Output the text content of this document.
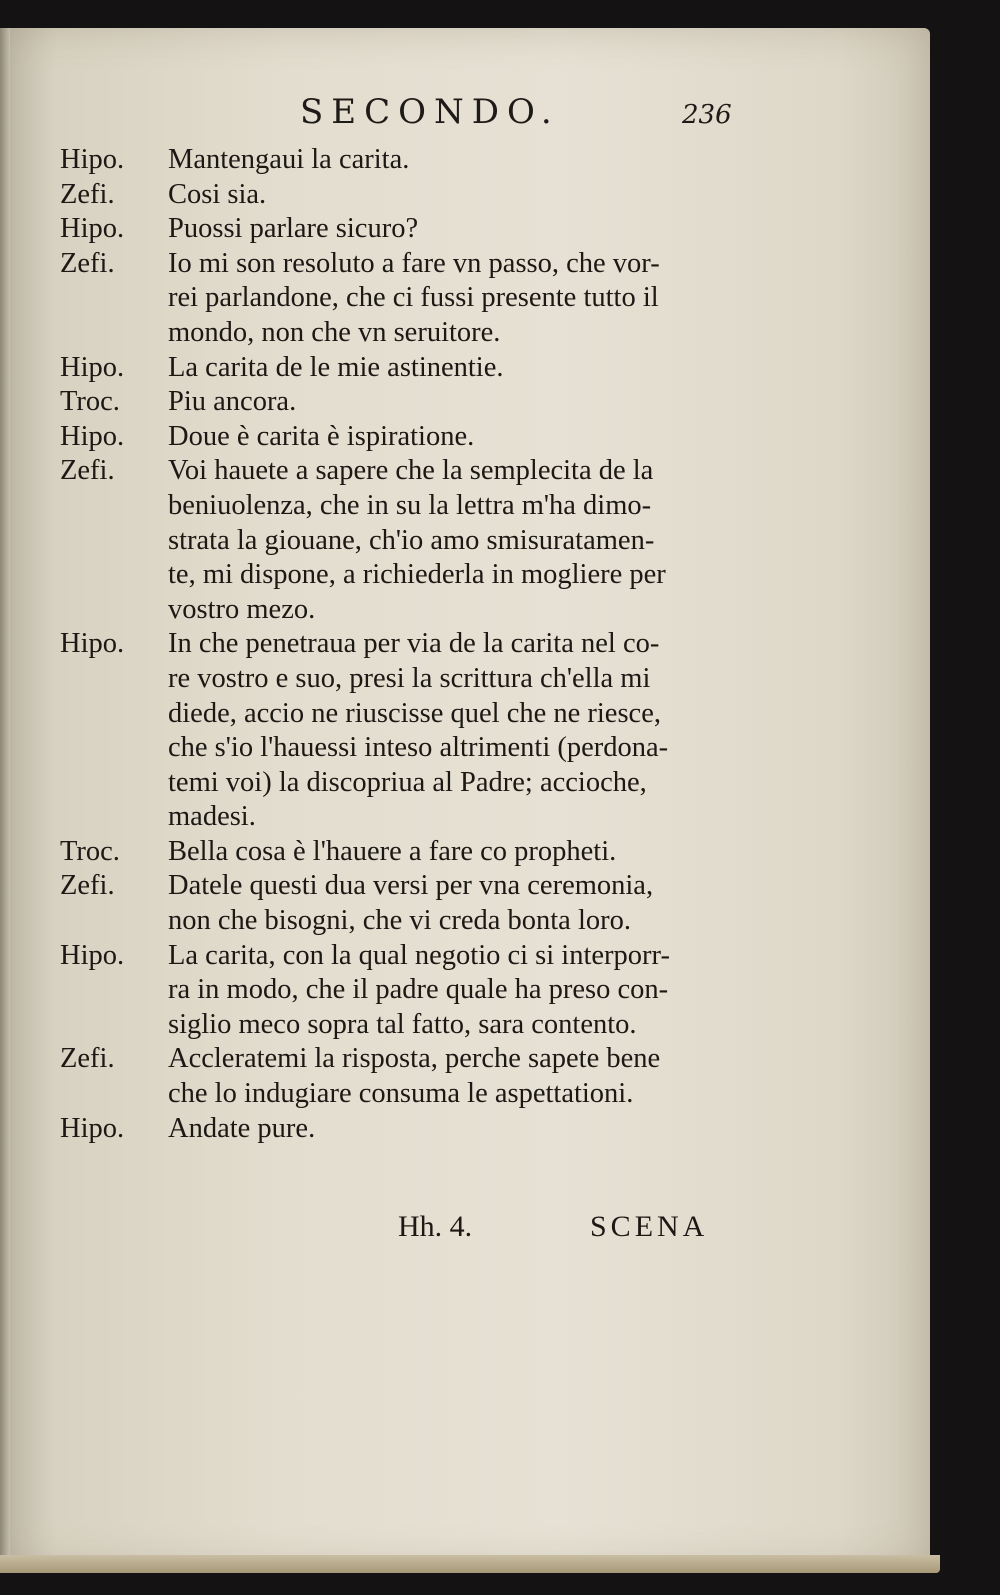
SECONDO.	236
Hipo.	Mantengaui la carita.
Zefi.	Cosi sia.
Hipo.	Puossi parlare sicuro?
Zefi.	Io mi son resoluto a fare vn passo, che vor-
rei parlandone, che ci fussi presente tutto il
mondo, non che vn seruitore.
Hipo.	La carita de le mie astinentie.
Troc.	Piu ancora.
Hipo.	Doue è carita è ispiratione.
Zefi.	Voi hauete a sapere che la semplecita de la
beniuolenza, che in su la lettra m'ha dimo-
strata la giouane, ch'io amo smisuratamen-
te, mi dispone, a richiederla in mogliere per
vostro mezo.
Hipo.	In che penetraua per via de la carita nel co-
re vostro e suo, presi la scrittura ch'ella mi
diede, accio ne riuscisse quel che ne riesce,
che s'io l'hauessi inteso altrimenti (perdona-
temi voi) la discopriua al Padre; accioche,
madesi.
Troc.	Bella cosa è l'hauere a fare co propheti.
Zefi.	Datele questi dua versi per vna ceremonia,
non che bisogni, che vi creda bonta loro.
Hipo.	La carita, con la qual negotio ci si interporr-
ra in modo, che il padre quale ha preso con-
siglio meco sopra tal fatto, sara contento.
Zefi.	Accleratemi la risposta, perche sapete bene
che lo indugiare consuma le aspettationi.
Hipo.	Andate pure.
Hh. 4.	SCENA
